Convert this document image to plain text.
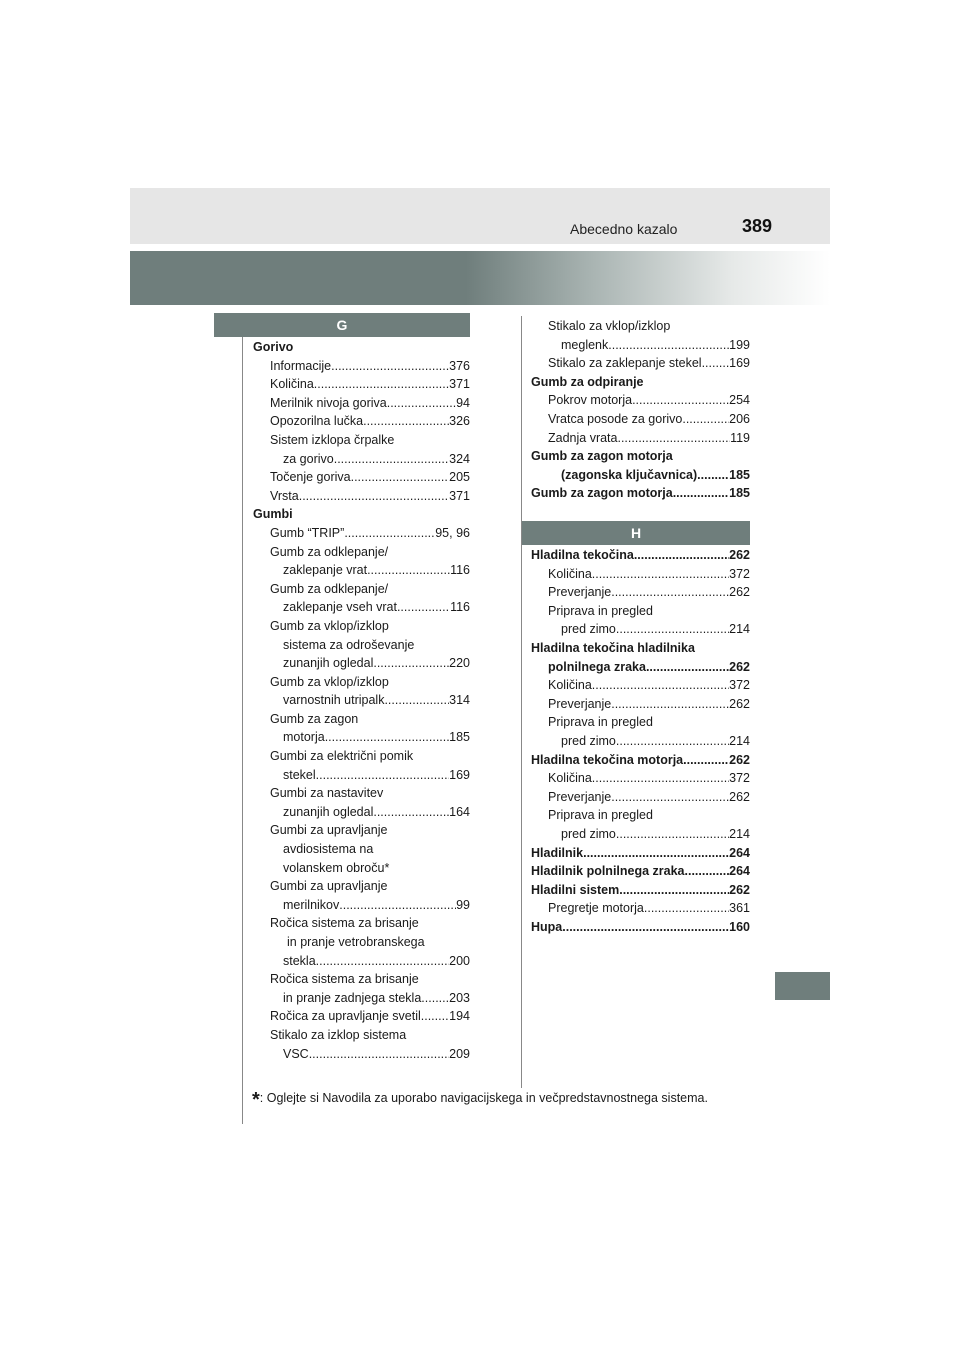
Abecedno kazalo	389
G
H
Gorivo
Informacije .....	376
Količina .....	371
Merilnik nivoja goriva .....	94
Opozorilna lučka .....	326
Sistem izklopa črpalke
za gorivo .....	324
Točenje goriva .....	205
Vrsta .....	371
Gumbi
Gumb “TRIP” .....	95, 96
Gumb za odklepanje/
zaklepanje vrat .....	116
Gumb za odklepanje/
zaklepanje vseh vrat .....	116
Gumb za vklop/izklop
sistema za odroševanje
zunanjih ogledal .....	220
Gumb za vklop/izklop
varnostnih utripalk .....	314
Gumb za zagon
motorja .....	185
Gumbi za električni pomik
stekel .....	169
Gumbi za nastavitev
zunanjih ogledal .....	164
Gumbi za upravljanje
avdiosistema na
volanskem obroču*
Gumbi za upravljanje
merilnikov .....	99
Ročica sistema za brisanje
in pranje vetrobranskega
stekla .....	200
Ročica sistema za brisanje
in pranje zadnjega stekla ..... 203
Ročica za upravljanje svetil ..... 194
Stikalo za izklop sistema
VSC .....	209
Stikalo za vklop/izklop
meglenk .....	199
Stikalo za zaklepanje stekel ..... 169
Gumb za odpiranje
Pokrov motorja .....	254
Vratca posode za gorivo .....	206
Zadnja vrata .....	119
Gumb za zagon motorja
(zagonska ključavnica) .....	185
Gumb za zagon motorja .....	185
Hladilna tekočina .....	262
Količina .....	372
Preverjanje .....	262
Priprava in pregled
pred zimo .....	214
Hladilna tekočina hladilnika
polnilnega zraka .....	262
Količina .....	372
Preverjanje .....	262
Priprava in pregled
pred zimo .....	214
Hladilna tekočina motorja .....	262
Količina .....	372
Preverjanje .....	262
Priprava in pregled
pred zimo .....	214
Hladilnik .....	264
Hladilnik polnilnega zraka .....	264
Hladilni sistem .....	262
Pregretje motorja .....	361
Hupa .....	160
*: Oglejte si Navodila za uporabo navigacijskega in večpredstavnostnega sistema.
